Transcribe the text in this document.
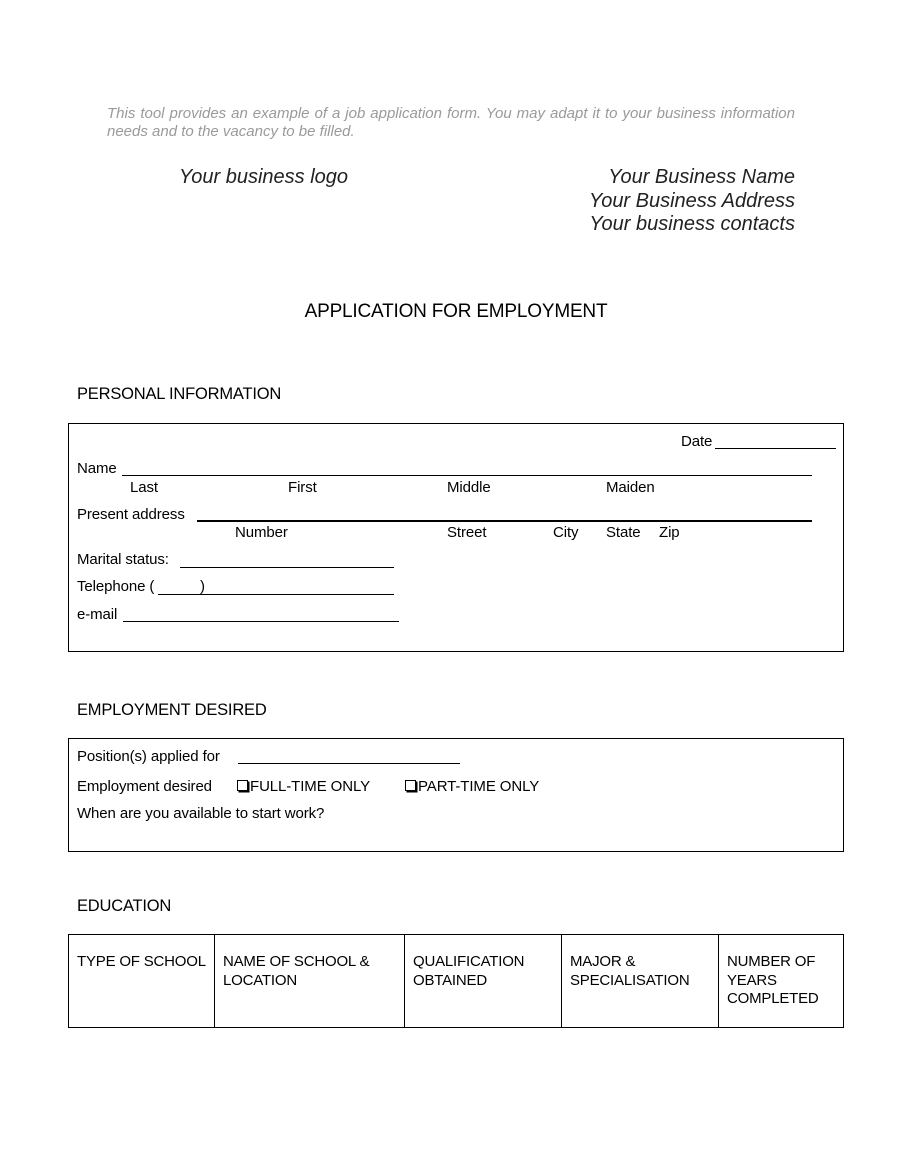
This tool provides an example of a job application form. You may adapt it to your business information needs and to the vacancy to be filled.
Your business logo	Your Business Name
Your Business Address
Your business contacts
APPLICATION FOR EMPLOYMENT
PERSONAL INFORMATION
Date
Name
Last	First	Middle	Maiden
Present address
Number	Street	City State Zip
Marital status:
Telephone (	)
e-mail
EMPLOYMENT DESIRED
Position(s) applied for
Employment desired	FULL-TIME ONLY	PART-TIME ONLY
When are you available to start work?
EDUCATION
TYPE OF SCHOOL	NAME OF SCHOOL & LOCATION	QUALIFICATION OBTAINED	MAJOR & SPECIALISATION	NUMBER OF YEARS COMPLETED
